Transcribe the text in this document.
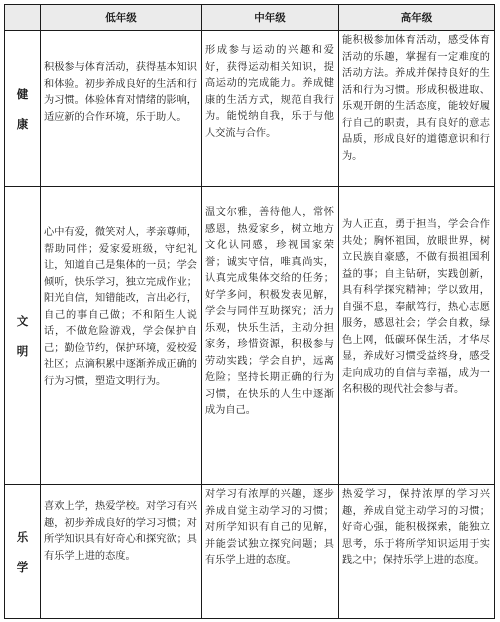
	低年级	中年级	高年级

健
康	积极参与体育活动，获得基本知识和体验。初步养成良好的生活和行为习惯。体验体育对情绪的影响，适应新的合作环境，乐于助人。	形成参与运动的兴趣和爱好，获得运动相关知识，提高运动的完成能力。养成健康的生活方式，规范自我行为。能悦纳自我，乐于与他人交流与合作。	能积极参加体育活动，感受体育活动的乐趣，掌握有一定难度的活动方法。养成并保持良好的生活和行为习惯。形成积极进取、乐观开朗的生活态度，能较好履行自己的职责，具有良好的意志品质，形成良好的道德意识和行为。

文
明	心中有爱，微笑对人，孝亲尊师，帮助同伴；爱家爱班级，守纪礼让，知道自己是集体的一员；学会倾听，快乐学习，独立完成作业；阳光自信，知错能改，言出必行，自己的事自己做；不和陌生人说话，不做危险游戏，学会保护自己；勤俭节约，保护环境，爱校爱社区；点滴积累中逐渐养成正确的行为习惯，塑造文明行为。	温文尔雅，善待他人，常怀感恩，热爱家乡，树立地方文化认同感，珍视国家荣誉；诚实守信，唯真尚实，认真完成集体交给的任务；好学多问，积极发表见解，学会与同伴互助探究；活力乐观，快乐生活，主动分担家务，珍惜资源，积极参与劳动实践；学会自护，远离危险；坚持长期正确的行为习惯，在快乐的人生中逐渐成为自己。	为人正直，勇于担当，学会合作共处；胸怀祖国，放眼世界，树立民族自豪感，不做有损祖国利益的事；自主钻研，实践创新，具有科学探究精神；学以致用，自强不息，奉献笃行，热心志愿服务，感恩社会；学会自救，绿色上网，低碳环保生活，才华尽显，养成好习惯受益终身，感受走向成功的自信与幸福，成为一名积极的现代社会参与者。

乐
学	喜欢上学，热爱学校。对学习有兴趣，初步养成良好的学习习惯；对所学知识具有好奇心和探究欲；具有乐学上进的态度。	对学习有浓厚的兴趣，逐步养成自觉主动学习的习惯；对所学知识有自己的见解，并能尝试独立探究问题；具有乐学上进的态度。	热爱学习，保持浓厚的学习兴趣，养成自觉主动学习的习惯；好奇心强，能积极探索，能独立思考，乐于将所学知识运用于实践之中；保持乐学上进的态度。
